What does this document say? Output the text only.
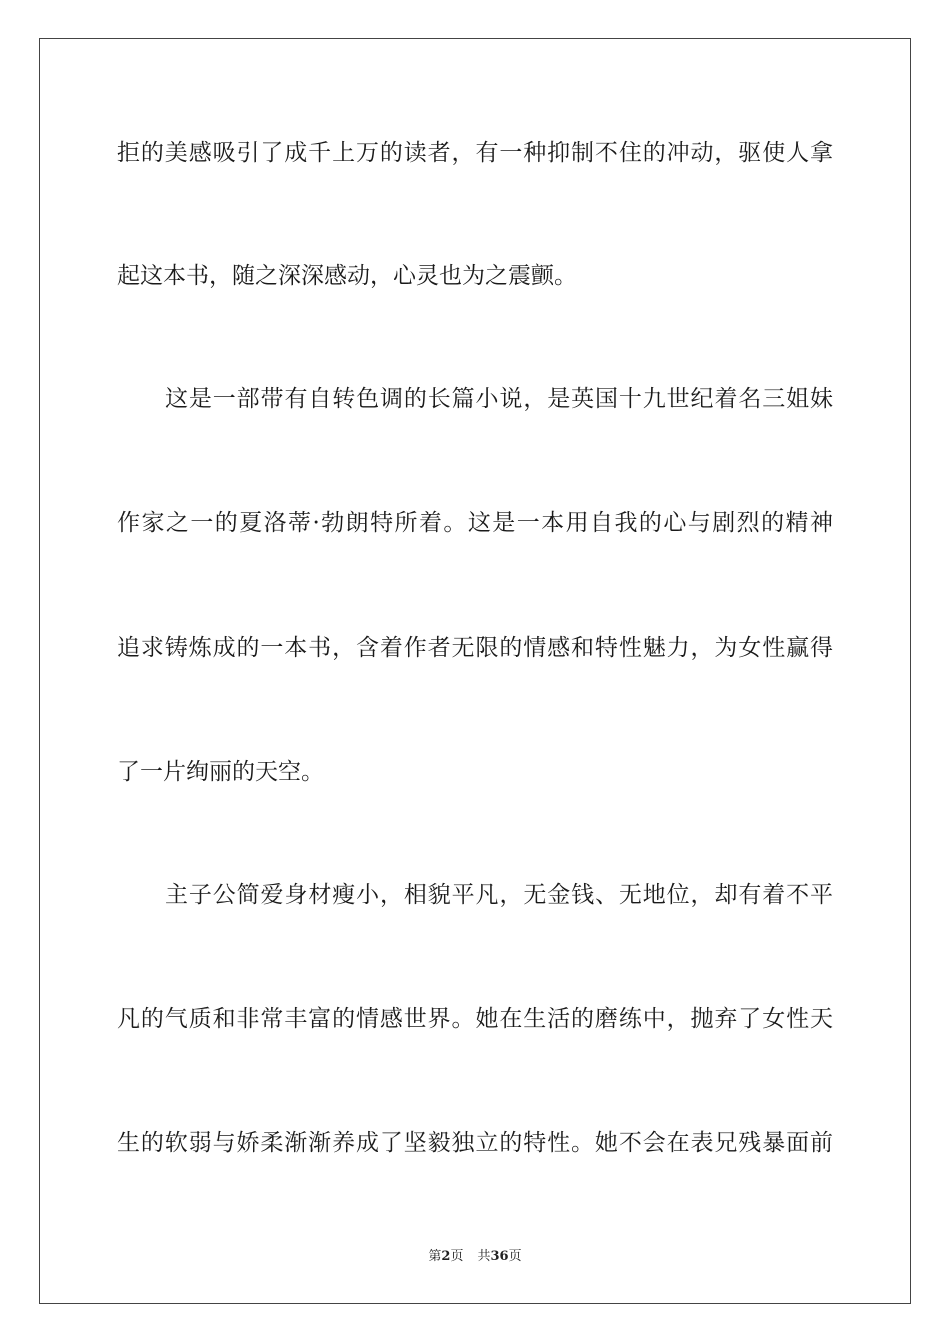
拒的美感吸引了成千上万的读者，有一种抑制不住的冲动，驱使人拿
起这本书，随之深深感动，心灵也为之震颤。
这是一部带有自转色调的长篇小说，是英国十九世纪着名三姐妹
作家之一的夏洛蒂·勃朗特所着。这是一本用自我的心与剧烈的精神
追求铸炼成的一本书，含着作者无限的情感和特性魅力，为女性赢得
了一片绚丽的天空。
主子公简爱身材瘦小，相貌平凡，无金钱、无地位，却有着不平
凡的气质和非常丰富的情感世界。她在生活的磨练中，抛弃了女性天
生的软弱与娇柔渐渐养成了坚毅独立的特性。她不会在表兄残暴面前
第2页 共36页
